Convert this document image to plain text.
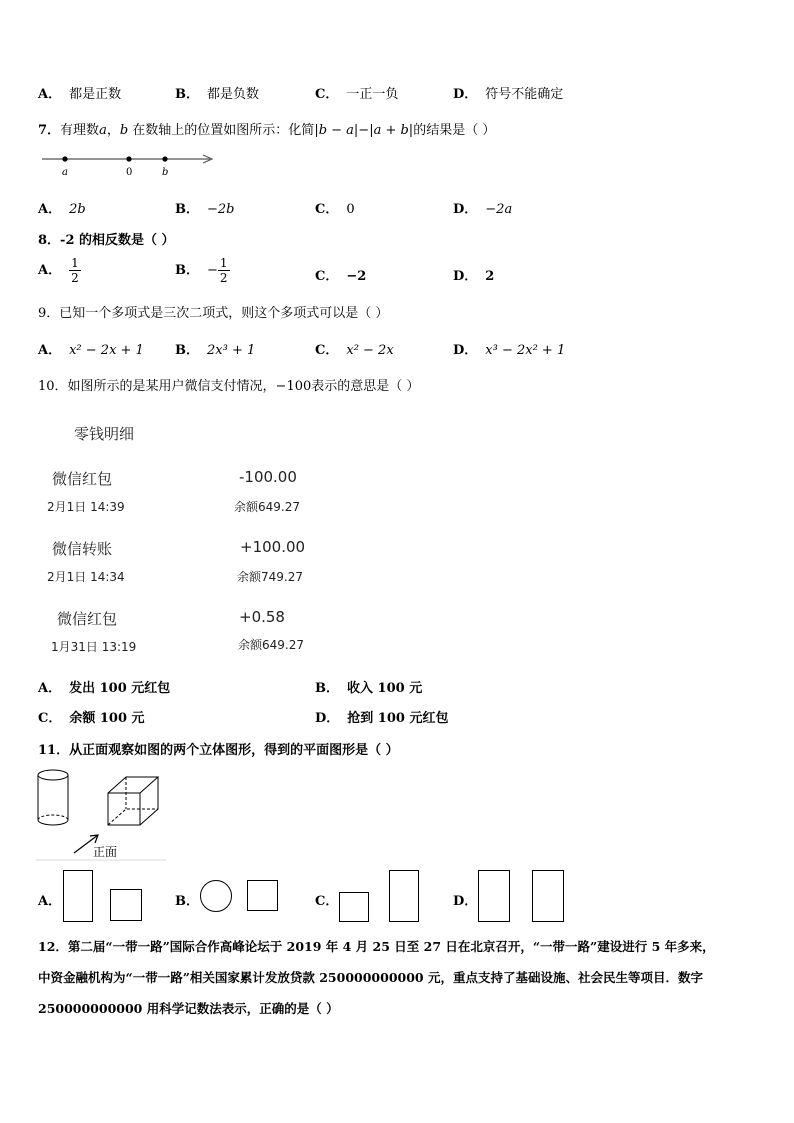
A． 都是正数	B． 都是负数	C． 一正一负	D． 符号不能确定
7．有理数a，b 在数轴上的位置如图所示：化简|b − a|−|a + b|的结果是（ ）
a	0	b
A． 2b	B． −2b	C． 0	D． −2a
8．-2 的相反数是（ ）
A． $\frac{1}{2}$	B． − $\frac{1}{2}$	C． −2	D． 2
9．已知一个多项式是三次二项式，则这个多项式可以是（ ）
A． x² − 2x + 1 B． 2x³ + 1	C． x² − 2x	D． x³ − 2x² + 1
10．如图所示的是某用户微信支付情况，−100表示的意思是（ ）
零钱明细
微信红包	-100.00
2月1日 14:39	余额649.27
微信转账	+100.00
2月1日 14:34	余额749.27
微信红包	+0.58
1月31日 13:19	余额649.27
A． 发出 100 元红包	B． 收入 100 元
C． 余额 100 元	D． 抢到 100 元红包
11．从正面观察如图的两个立体图形，得到的平面图形是（ ）
正面
A．	B．	C．	D．
12．第二届“一带一路”国际合作高峰论坛于 2019 年 4 月 25 日至 27 日在北京召开，“一带一路”建设进行 5 年多来，
中资金融机构为“一带一路”相关国家累计发放贷款 250000000000 元，重点支持了基础设施、社会民生等项目．数字
250000000000 用科学记数法表示，正确的是（ ）
